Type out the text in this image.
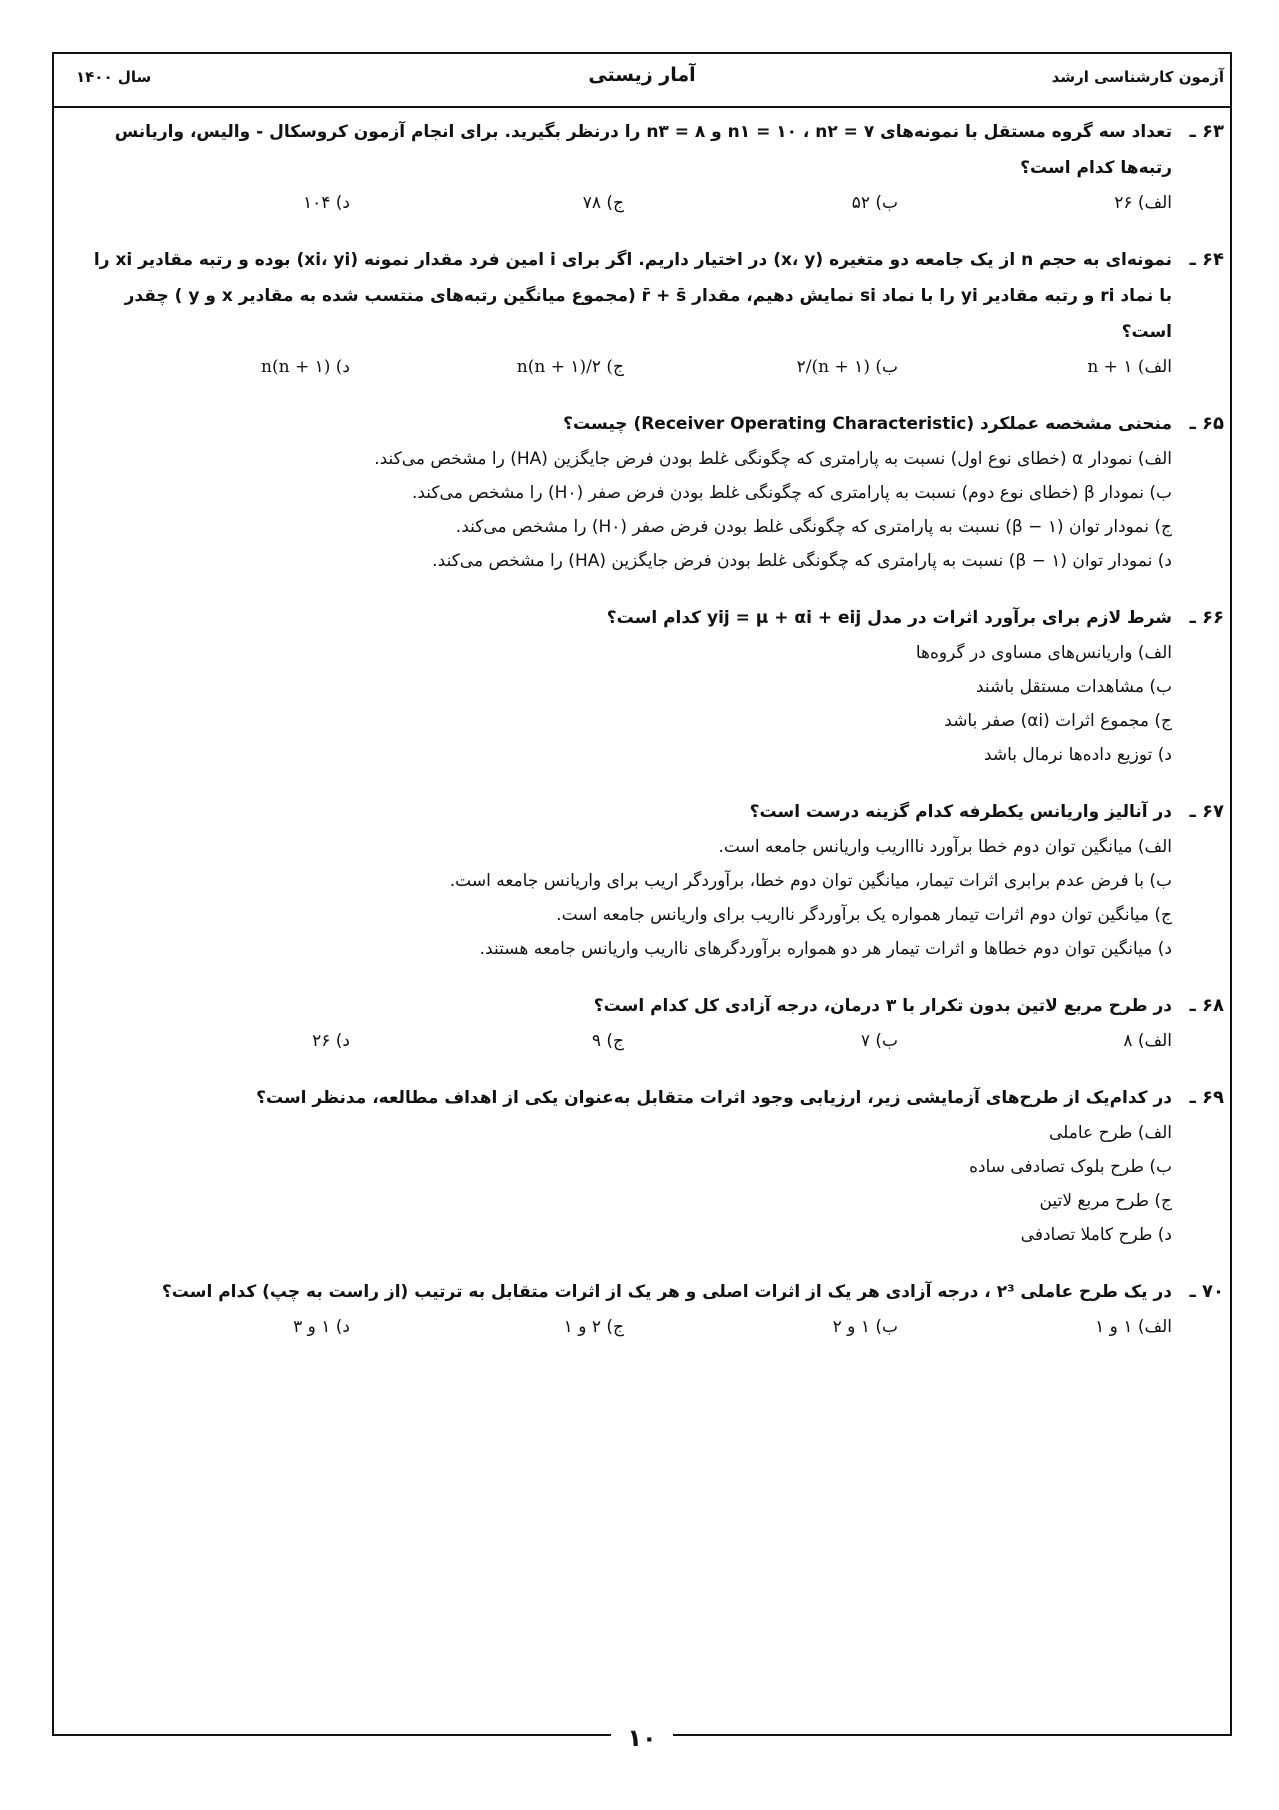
آزمون کارشناسی ارشد
آمار زیستی
سال ۱۴۰۰
۶۳ ـ
تعداد سه گروه مستقل با نمونه‌های n۱ = ۱۰ ، n۲ = ۷ و n۳ = ۸ را درنظر بگیرید. برای انجام آزمون کروسکال - والیس، واریانس رتبه‌ها کدام است؟
الف) ۲۶
ب) ۵۲
ج) ۷۸
د) ۱۰۴
۶۴ ـ
نمونه‌ای به حجم n از یک جامعه دو متغیره (x، y) در اختیار داریم. اگر برای i امین فرد مقدار نمونه (xi، yi) بوده و رتبه مقادیر xi را با نماد ri و رتبه مقادیر yi را با نماد si نمایش دهیم، مقدار r̄ + s̄ (مجموع میانگین رتبه‌های منتسب شده به مقادیر x و y ) چقدر است؟
الف) n + ۱
ب) (n + ۱)/۲
ج) n(n + ۱)/۲
د) n(n + ۱)
۶۵ ـ
منحنی مشخصه عملکرد (Receiver Operating Characteristic) چیست؟
الف) نمودار α (خطای نوع اول) نسبت به پارامتری که چگونگی غلط بودن فرض جایگزین (HA) را مشخص می‌کند.
ب) نمودار β (خطای نوع دوم) نسبت به پارامتری که چگونگی غلط بودن فرض صفر (H۰) را مشخص می‌کند.
ج) نمودار توان (۱ − β) نسبت به پارامتری که چگونگی غلط بودن فرض صفر (H۰) را مشخص می‌کند.
د) نمودار توان (۱ − β) نسبت به پارامتری که چگونگی غلط بودن فرض جایگزین (HA) را مشخص می‌کند.
۶۶ ـ
شرط لازم برای برآورد اثرات در مدل yij = μ + αi + eij کدام است؟
الف) واریانس‌های مساوی در گروه‌ها
ب) مشاهدات مستقل باشند
ج) مجموع اثرات (αi) صفر باشد
د) توزیع داده‌ها نرمال باشد
۶۷ ـ
در آنالیز واریانس یکطرفه کدام گزینه درست است؟
الف) میانگین توان دوم خطا برآورد ناااریب واریانس جامعه است.
ب) با فرض عدم برابری اثرات تیمار، میانگین توان دوم خطا، برآوردگر اریب برای واریانس جامعه است.
ج) میانگین توان دوم اثرات تیمار همواره یک برآوردگر نااریب برای واریانس جامعه است.
د) میانگین توان دوم خطاها و اثرات تیمار هر دو همواره برآوردگرهای نااریب واریانس جامعه هستند.
۶۸ ـ
در طرح مربع لاتین بدون تکرار با ۳ درمان، درجه آزادی کل کدام است؟
الف) ۸
ب) ۷
ج) ۹
د) ۲۶
۶۹ ـ
در کدام‌یک از طرح‌های آزمایشی زیر، ارزیابی وجود اثرات متقابل به‌عنوان یکی از اهداف مطالعه، مدنظر است؟
الف) طرح عاملی
ب) طرح بلوک تصادفی ساده
ج) طرح مربع لاتین
د) طرح کاملا تصادفی
۷۰ ـ
در یک طرح عاملی ۲³ ، درجه آزادی هر یک از اثرات اصلی و هر یک از اثرات متقابل به ترتیب (از راست به چپ) کدام است؟
الف) ۱ و ۱
ب) ۱ و ۲
ج) ۲ و ۱
د) ۱ و ۳
۱۰
